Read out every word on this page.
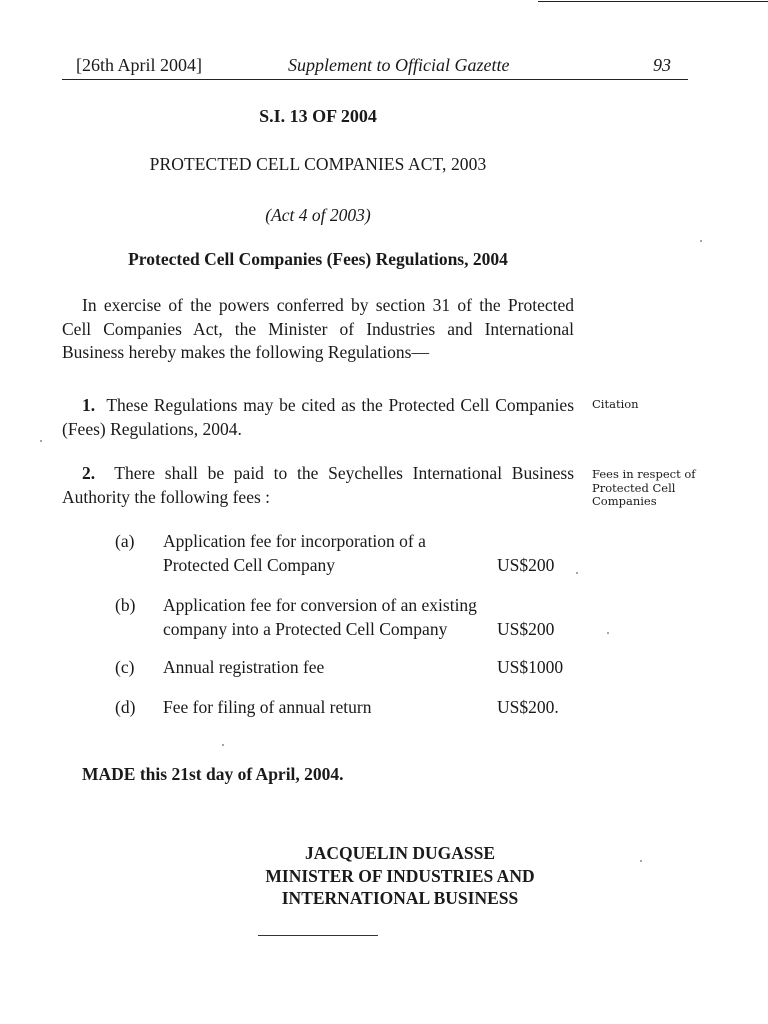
[26th April 2004]	Supplement to Official Gazette	93
S.I. 13 OF 2004
PROTECTED CELL COMPANIES ACT, 2003
(Act 4 of 2003)
Protected Cell Companies (Fees) Regulations, 2004
In exercise of the powers conferred by section 31 of the Protected Cell Companies Act, the Minister of Industries and International Business hereby makes the following Regulations—
1. These Regulations may be cited as the Protected Cell Companies (Fees) Regulations, 2004.
Citation
2. There shall be paid to the Seychelles International Business Authority the following fees :
Fees in respect of Protected Cell Companies
(a) Application fee for incorporation of a Protected Cell Company	US$200
(b) Application fee for conversion of an existing company into a Protected Cell Company	US$200
(c) Annual registration fee	US$1000
(d) Fee for filing of annual return	US$200.
MADE this 21st day of April, 2004.
JACQUELIN DUGASSE
MINISTER OF INDUSTRIES AND
INTERNATIONAL BUSINESS
